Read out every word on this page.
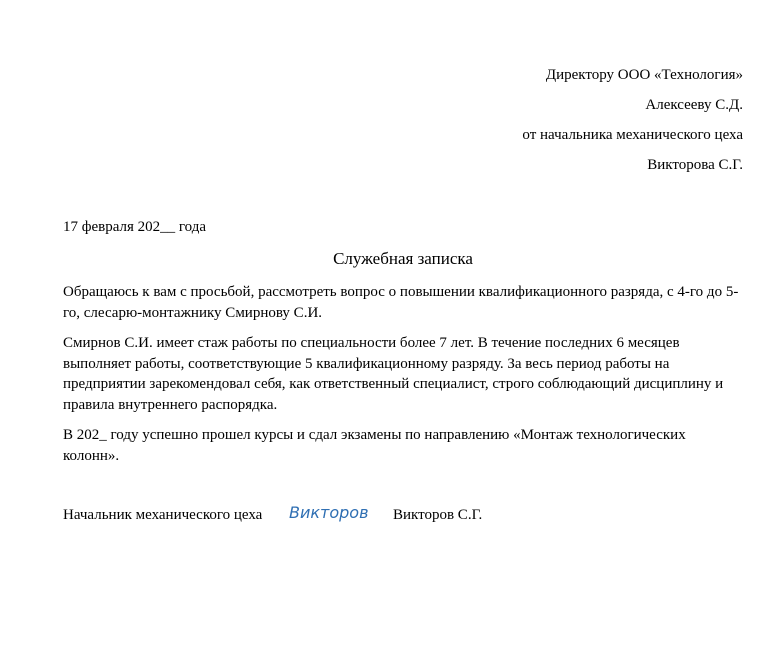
Директору ООО «Технология»
Алексееву С.Д.
от начальника механического цеха
Викторова С.Г.
17 февраля 202__ года
Служебная записка

Обращаюсь к вам с просьбой, рассмотреть вопрос о повышении квалификационного разряда, с 4-го до 5-го, слесарю-монтажнику Смирнову С.И.

Смирнов С.И. имеет стаж работы по специальности более 7 лет. В течение последних 6 месяцев выполняет работы, соответствующие 5 квалификационному разряду. За весь период работы на предприятии зарекомендовал себя, как ответственный специалист, строго соблюдающий дисциплину и правила внутреннего распорядка.

В 202_ году успешно прошел курсы и сдал экзамены по направлению «Монтаж технологических колонн».

Начальник механического цеха Викторов Викторов С.Г.
